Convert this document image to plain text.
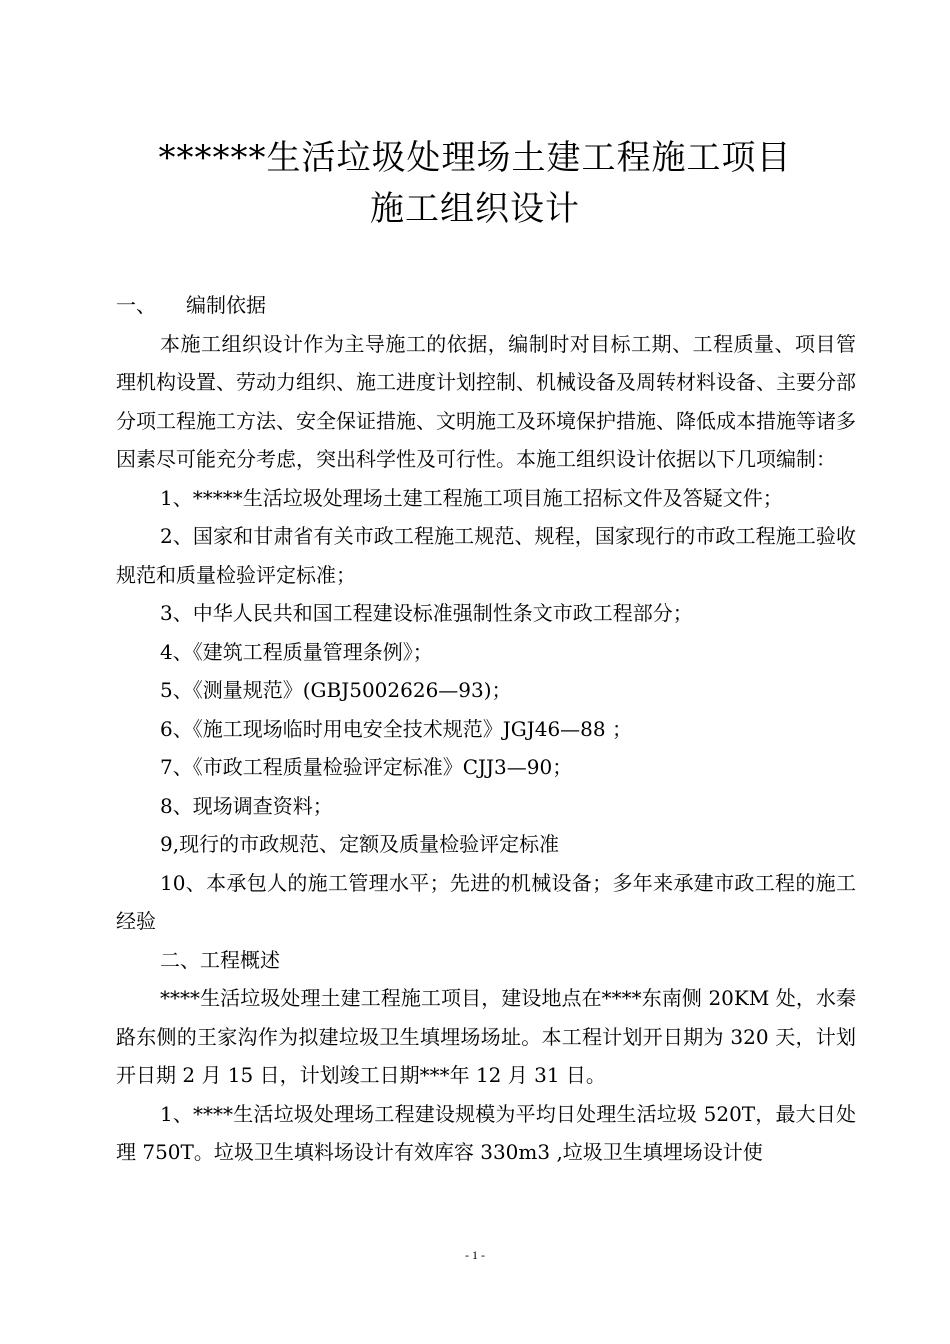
******生活垃圾处理场土建工程施工项目
施工组织设计

一、 编制依据

本施工组织设计作为主导施工的依据，编制时对目标工期、工程质量、项目管理机构设置、劳动力组织、施工进度计划控制、机械设备及周转材料设备、主要分部分项工程施工方法、安全保证措施、文明施工及环境保护措施、降低成本措施等诸多因素尽可能充分考虑，突出科学性及可行性。本施工组织设计依据以下几项编制：

1、*****生活垃圾处理场土建工程施工项目施工招标文件及答疑文件；

2、国家和甘肃省有关市政工程施工规范、规程，国家现行的市政工程施工验收规范和质量检验评定标准；

3、中华人民共和国工程建设标准强制性条文市政工程部分；

4、《建筑工程质量管理条例》；

5、《测量规范》(GBJ5002626—93)；

6、《施工现场临时用电安全技术规范》JGJ46—88 ；

7、《市政工程质量检验评定标准》CJJ3—90；

8、现场调查资料；

9,现行的市政规范、定额及质量检验评定标准

10、本承包人的施工管理水平；先进的机械设备；多年来承建市政工程的施工经验

二、工程概述

****生活垃圾处理土建工程施工项目，建设地点在****东南侧 20KM 处，水秦路东侧的王家沟作为拟建垃圾卫生填埋场场址。本工程计划开日期为 320 天，计划开日期 2 月 15 日，计划竣工日期***年 12 月 31 日。

1、****生活垃圾处理场工程建设规模为平均日处理生活垃圾 520T，最大日处理 750T。垃圾卫生填料场设计有效库容 330m3 ,垃圾卫生填埋场设计使

- 1 -
